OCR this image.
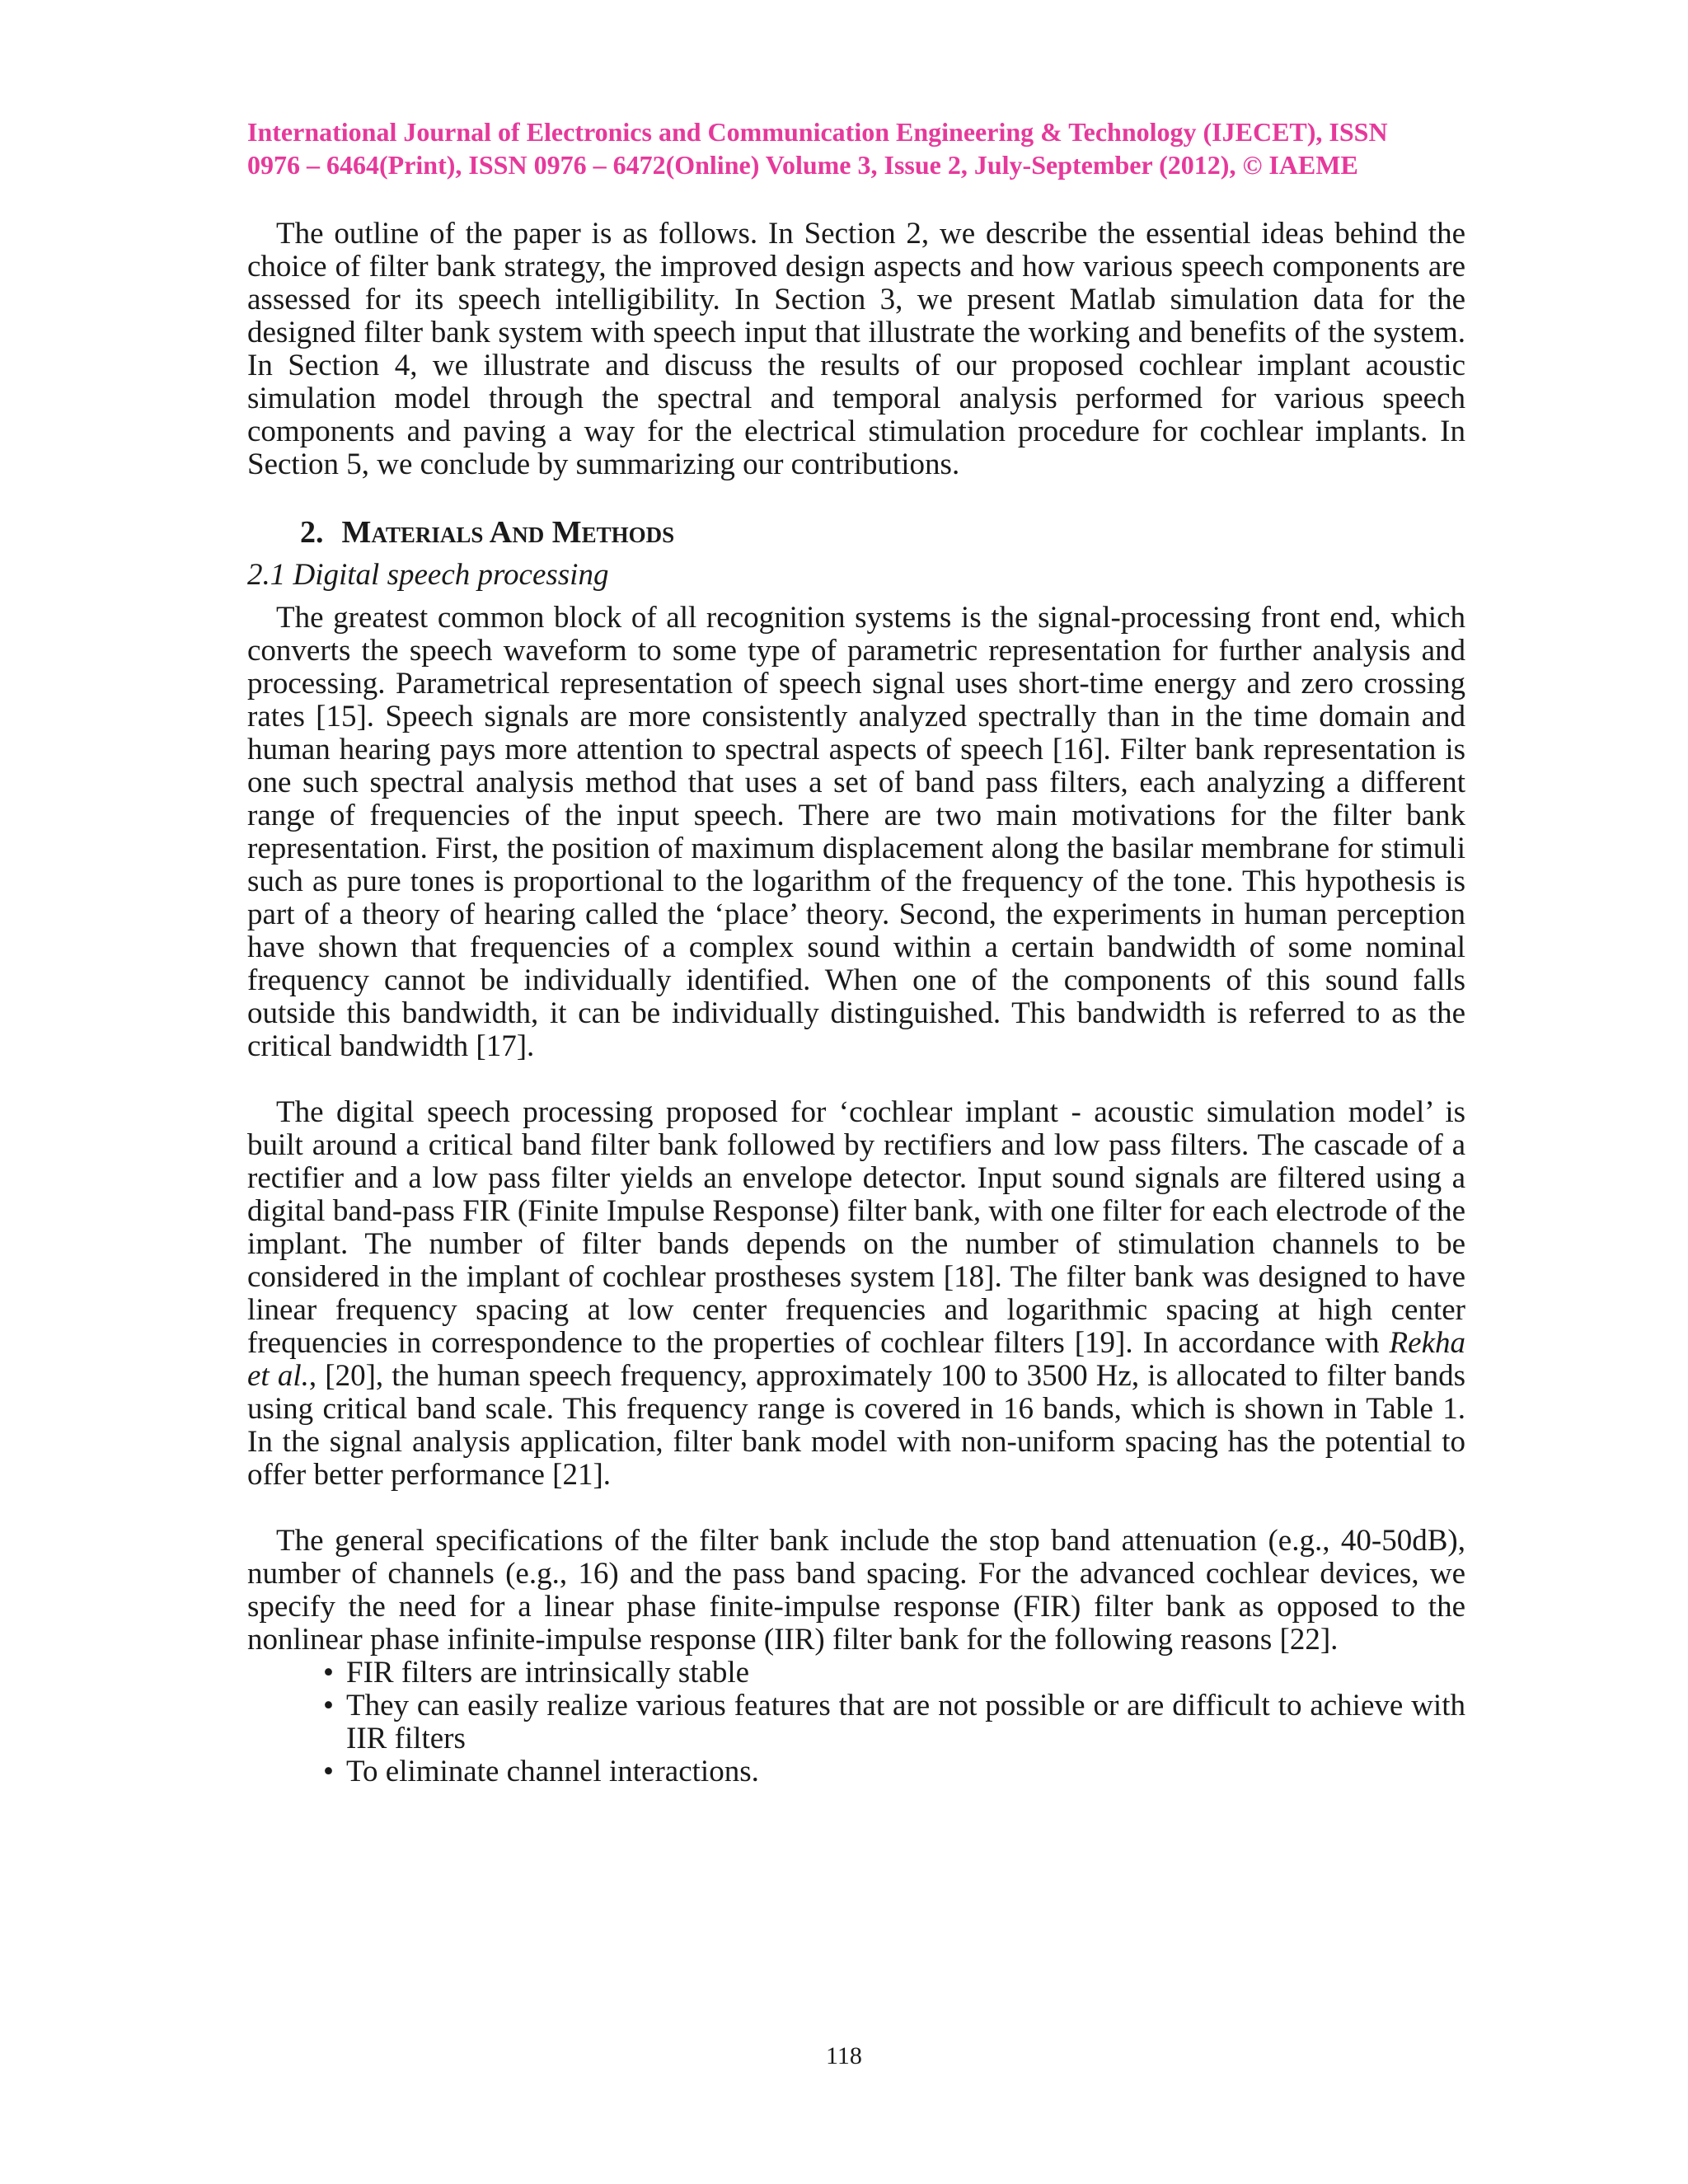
International Journal of Electronics and Communication Engineering & Technology (IJECET), ISSN
0976 – 6464(Print), ISSN 0976 – 6472(Online) Volume 3, Issue 2, July-September (2012), © IAEME

The outline of the paper is as follows. In Section 2, we describe the essential ideas behind the choice of filter bank strategy, the improved design aspects and how various speech components are assessed for its speech intelligibility. In Section 3, we present Matlab simulation data for the designed filter bank system with speech input that illustrate the working and benefits of the system. In Section 4, we illustrate and discuss the results of our proposed cochlear implant acoustic simulation model through the spectral and temporal analysis performed for various speech components and paving a way for the electrical stimulation procedure for cochlear implants. In Section 5, we conclude by summarizing our contributions.

2. Materials And Methods
2.1 Digital speech processing

The greatest common block of all recognition systems is the signal-processing front end, which converts the speech waveform to some type of parametric representation for further analysis and processing. Parametrical representation of speech signal uses short-time energy and zero crossing rates [15]. Speech signals are more consistently analyzed spectrally than in the time domain and human hearing pays more attention to spectral aspects of speech [16]. Filter bank representation is one such spectral analysis method that uses a set of band pass filters, each analyzing a different range of frequencies of the input speech. There are two main motivations for the filter bank representation. First, the position of maximum displacement along the basilar membrane for stimuli such as pure tones is proportional to the logarithm of the frequency of the tone. This hypothesis is part of a theory of hearing called the ‘place’ theory. Second, the experiments in human perception have shown that frequencies of a complex sound within a certain bandwidth of some nominal frequency cannot be individually identified. When one of the components of this sound falls outside this bandwidth, it can be individually distinguished. This bandwidth is referred to as the critical bandwidth [17].

The digital speech processing proposed for ‘cochlear implant - acoustic simulation model’ is built around a critical band filter bank followed by rectifiers and low pass filters. The cascade of a rectifier and a low pass filter yields an envelope detector. Input sound signals are filtered using a digital band-pass FIR (Finite Impulse Response) filter bank, with one filter for each electrode of the implant. The number of filter bands depends on the number of stimulation channels to be considered in the implant of cochlear prostheses system [18]. The filter bank was designed to have linear frequency spacing at low center frequencies and logarithmic spacing at high center frequencies in correspondence to the properties of cochlear filters [19]. In accordance with Rekha et al., [20], the human speech frequency, approximately 100 to 3500 Hz, is allocated to filter bands using critical band scale. This frequency range is covered in 16 bands, which is shown in Table 1. In the signal analysis application, filter bank model with non-uniform spacing has the potential to offer better performance [21].

The general specifications of the filter bank include the stop band attenuation (e.g., 40-50dB), number of channels (e.g., 16) and the pass band spacing. For the advanced cochlear devices, we specify the need for a linear phase finite-impulse response (FIR) filter bank as opposed to the nonlinear phase infinite-impulse response (IIR) filter bank for the following reasons [22].

• FIR filters are intrinsically stable
• They can easily realize various features that are not possible or are difficult to achieve with IIR filters
• To eliminate channel interactions.
118
